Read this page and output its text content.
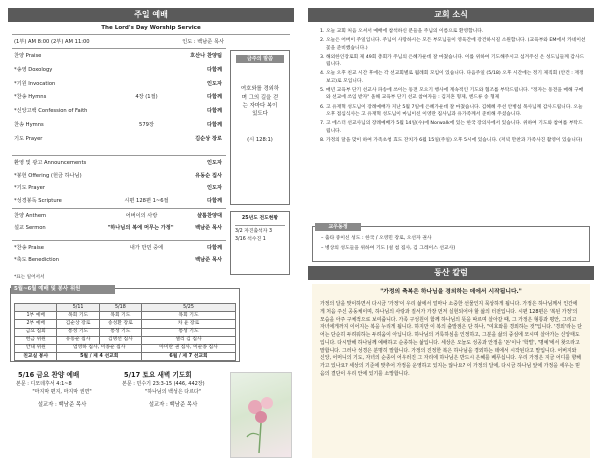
주일 예배
The Lord's Day Worship Service
(1부) AM 8:00 (2부) AM 11:00	인도 : 백남준 목사
찬양 Praise	호산나 찬양팀
*송영 Doxology	다함께
*기원 Invocation	인도자
*찬송 Hymns	4장 (1절)	다함께
*신앙고백 Confession of Faith	다함께
찬송 Hymns	579장	다함께
기도 Prayer	김순상 장로
환영 및 광고 Announcements	인도자
*봉헌 Offering (헌금 하나님)	유동순 집사
*기도 Prayer	인도자
*성경봉독 Scripture	시편 128편 1~6절	다함께
찬양 Anthem	어버이의 사랑	샬롬찬양대
설교 Sermon	"하나님의 복에 머무는 가정"	백남준 목사
*찬송 Praise	내가 만민 중에	다함께
*축도 Benediction	백남준 목사
*표는 일어서서
금주의 말씀
여호와를 경외하며 그의 길을 걷는 자마다 복이 있도다
(시 128:1)
25년도 전도현황
3/2 자진출석자 3
3/16 석수진 1
5월~6월 예배 및 봉사 위원
	5/11	5/18	5/25
1부 예배	목회 기도	목회 기도	목회 기도
2부 예배	김순상 장로	송성환 장로	차 윤 장로
금요 집회	통성 기도	통성 기도	통성 기도
헌금 위원	유동순 집사	김명선 집사	셀리 김 집사
안내 위원	엄영하 집사, 이종순 집사		아미란 권 집사, 이순종 집사
친교실 봉사	5월 / 제 4 선교회		6월 / 제 7 선교회
5/16 금요 찬양 예배
본문 : 디모데후서 4:1~8
"마지막 편지, 마지막 권면"
설교자 : 백남준 목사
5/17 토요 새벽 기도회
본문 : 민수기 23:3-15 (446, 442장)
"하나님의 백성은 다르다"
설교자 : 백남준 목사
교회 소식
1. 오늘 교회 처음 오셔서 예배에 참석하신 분들을 주님의 이름으로 환영합니다.
2. 오늘은 어버이 주일입니다. 주님이 사랑하시는 모든 부모님들이 영육간에 강건하시길 소원합니다. (교육부와 EM에서 카네이션 꽃을 준비했습니다.)
3. 해외한인장로회 제 49회 총회가 주님의 은혜가운데 잘 마쳤습니다. 이를 위하여 기도해주시고 섬겨주신 온 성도님들께 감사드립니다.
4. 오늘 오후 친교 시간 후에는 각 선교회별로 월례회 모임이 있습니다. 다음주일 (5/18) 오후 시간에는 정기 제직회 (안건 : 재정보고)로 모입니다.
5. 매년 교육부 단기 선교사 파송에 쓰이는 동전 모으기 행사에 계속적인 기도와 협조를 부탁드립니다. "정자는 동전을 매해 구매와 선교에 쓰임 받자" 올해 교육부 단기 선교 참여자들 : 김지혼 형제, 엔드류 송 형제
6. 고 유재혁 성도님이 장례예배가 지난 5월 7일에 은혜가운데 잘 마쳤습니다. 김혜혜 주선 안병섭 목사님께 감사드립니다. 오늘 오후 점심식사는 고 유재혁 성도님이 마님이신 이영란 집사님과 유가족께서 준비해 주셨습니다.
7. 고 에스더 선교사님의 장례예배가 5월 14일(수)에 Norwalk에 있는 한국 장의사에서 있습니다. 위하여 기도와 참여를 부탁드립니다.
8. 가정의 달을 맞이 하여 가족초청 효도 잔치가 6월 15일(주일) 오후 5시에 있습니다. (저녁 만찬과 가족사진 촬영이 있습니다)
교우동정
– 출타 중이신 성도 : 한국 / 오영민 장로, 오선자 권사
– 병상의 성도들을 위하여 기도 (설 첨 집사, 김 그레이스 선교사)
동산 칼럼
"가정의 축복은 하나님을 경외하는 데에서 시작됩니다."
가정의 달을 맞이하면서 다시금 '가정'이 우리 삶에서 얼마나 소중한 선물인지 묵상하게 됩니다. 가정은 하나님께서 인간에게 처음 주신 공동체이며, 하나님의 사랑과 질서가 가장 먼저 실현되어야 할 삶의 터전입니다. 시편 128편은 '복된 가정'의 모습을 아주 구체적으로 보여줍니다. 가족 구성원이 함께 하나님의 뜻을 따르며 살아갈 때, 그 가정은 형통과 평안, 그리고 자녀에게까지 이어지는 복을 누리게 됩니다. 하지만 이 복의 출발점은 단 하나, "여호와를 경외하는 것"입니다. '경외'라는 단어는 단순히 두려워하는 두려움이 아닙니다. 하나님의 거룩하심을 인정하고, 그분을 삶의 중심에 모시며 살아가는 신앙태도입니다. 다시말해 하나님께 예배하고 순종하는 삶입니다. 세상은 오늘도 성공과 안정을 '돈'이나 '학벌', '명예'에서 찾으라고 말합니다. 그러나 성경은 분명히 말합니다. 가정의 진정한 복은 하나님을 경외하는 데에서 시작된다고 말입니다. 어버지와 신앙, 어머니의 기도, 자녀의 순종이 어우러진 그 자리에 하나님은 반드시 은혜를 베푸십니다. 우리 가정은 지금 어디를 향해 가고 있나요? 세상의 기준에 맞추어 가정을 운영하고 있지는 않나요? 이 가정의 달에, 다시금 하나님 앞에 가정을 세우는 믿음의 결단이 우리 안에 있기를 소망합니다.
